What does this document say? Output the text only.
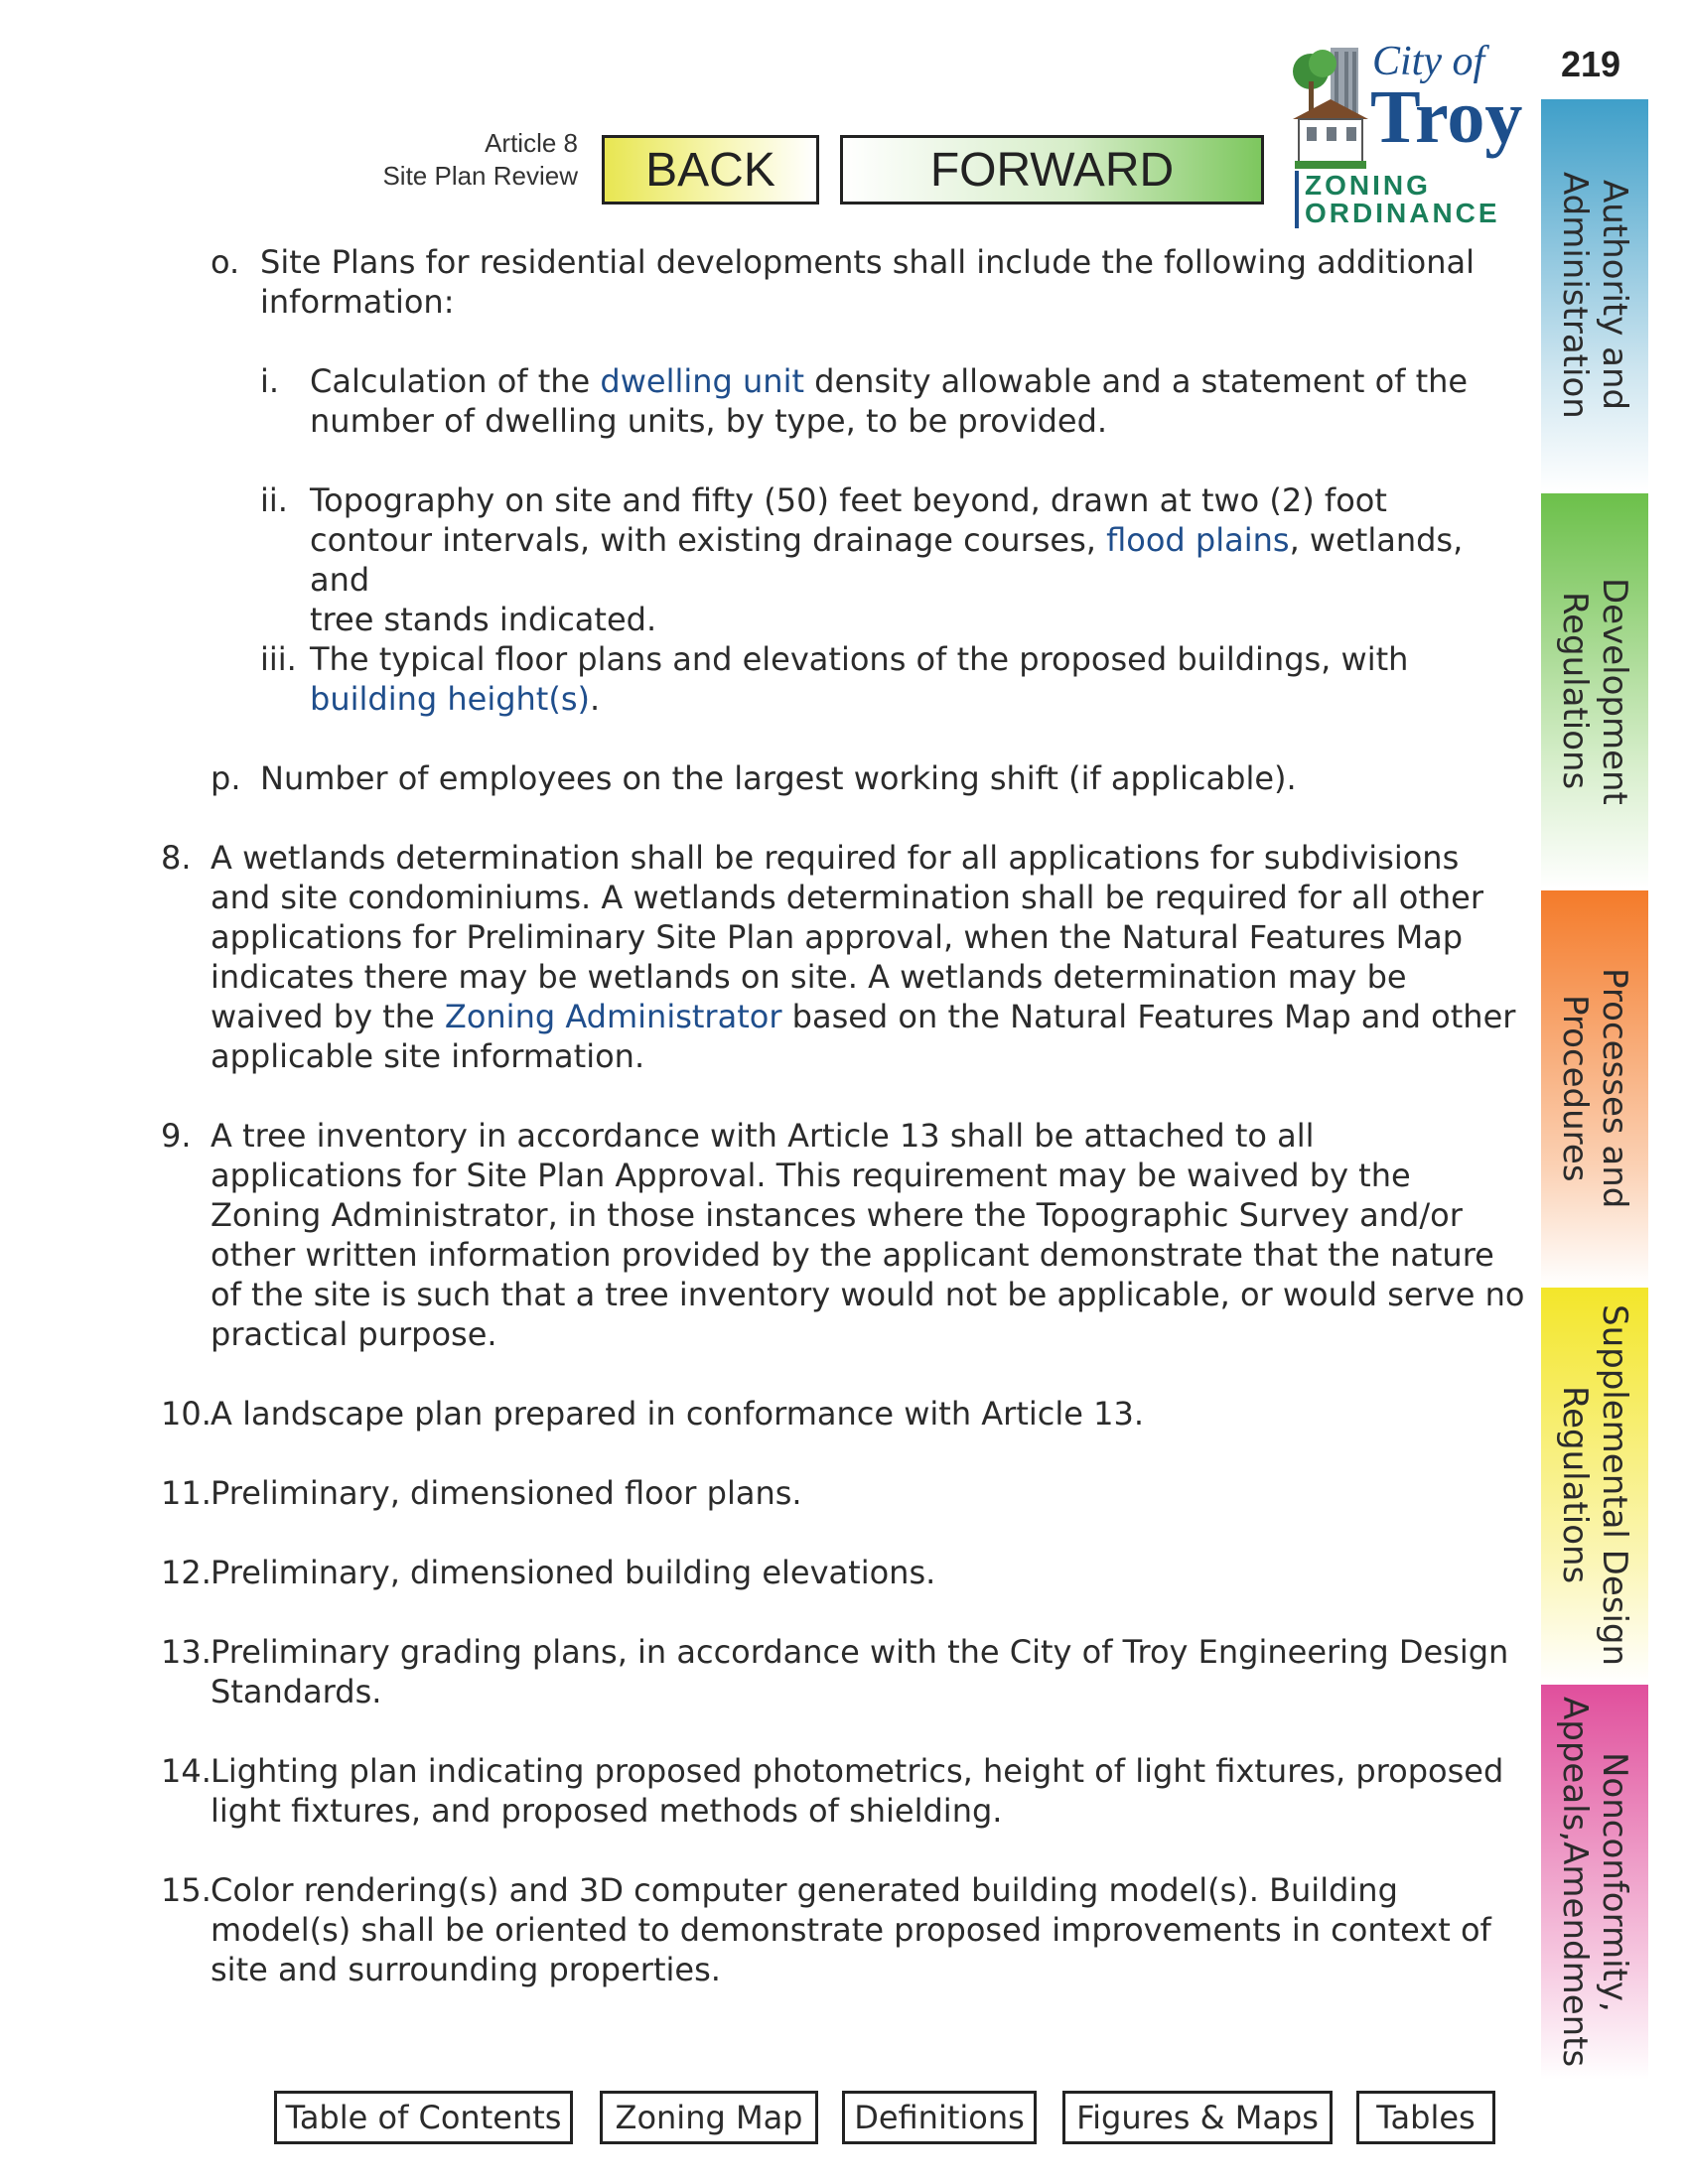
219
Article 8
Site Plan Review	BACK	FORWARD
City of
Troy
ZONING
ORDINANCE
o. Site Plans for residential developments shall include the following additional
information:
i. Calculation of the dwelling unit density allowable and a statement of the
number of dwelling units, by type, to be provided.
ii. Topography on site and fifty (50) feet beyond, drawn at two (2) foot
contour intervals, with existing drainage courses, flood plains, wetlands, and
tree stands indicated.
iii. The typical floor plans and elevations of the proposed buildings, with
building height(s).
p. Number of employees on the largest working shift (if applicable).
8. A wetlands determination shall be required for all applications for subdivisions
and site condominiums. A wetlands determination shall be required for all other
applications for Preliminary Site Plan approval, when the Natural Features Map
indicates there may be wetlands on site. A wetlands determination may be
waived by the Zoning Administrator based on the Natural Features Map and other
applicable site information.
9. A tree inventory in accordance with Article 13 shall be attached to all
applications for Site Plan Approval. This requirement may be waived by the
Zoning Administrator, in those instances where the Topographic Survey and/or
other written information provided by the applicant demonstrate that the nature
of the site is such that a tree inventory would not be applicable, or would serve no
practical purpose.
10. A landscape plan prepared in conformance with Article 13.
11. Preliminary, dimensioned floor plans.
12. Preliminary, dimensioned building elevations.
13. Preliminary grading plans, in accordance with the City of Troy Engineering Design
Standards.
14. Lighting plan indicating proposed photometrics, height of light fixtures, proposed
light fixtures, and proposed methods of shielding.
15. Color rendering(s) and 3D computer generated building model(s). Building
model(s) shall be oriented to demonstrate proposed improvements in context of
site and surrounding properties.
Authority and
Administration
Development
Regulations
Processes and
Procedures
Supplemental Design
Regulations
Nonconformity,
Appeals,Amendments
Table of Contents	Zoning Map	Definitions	Figures & Maps	Tables
